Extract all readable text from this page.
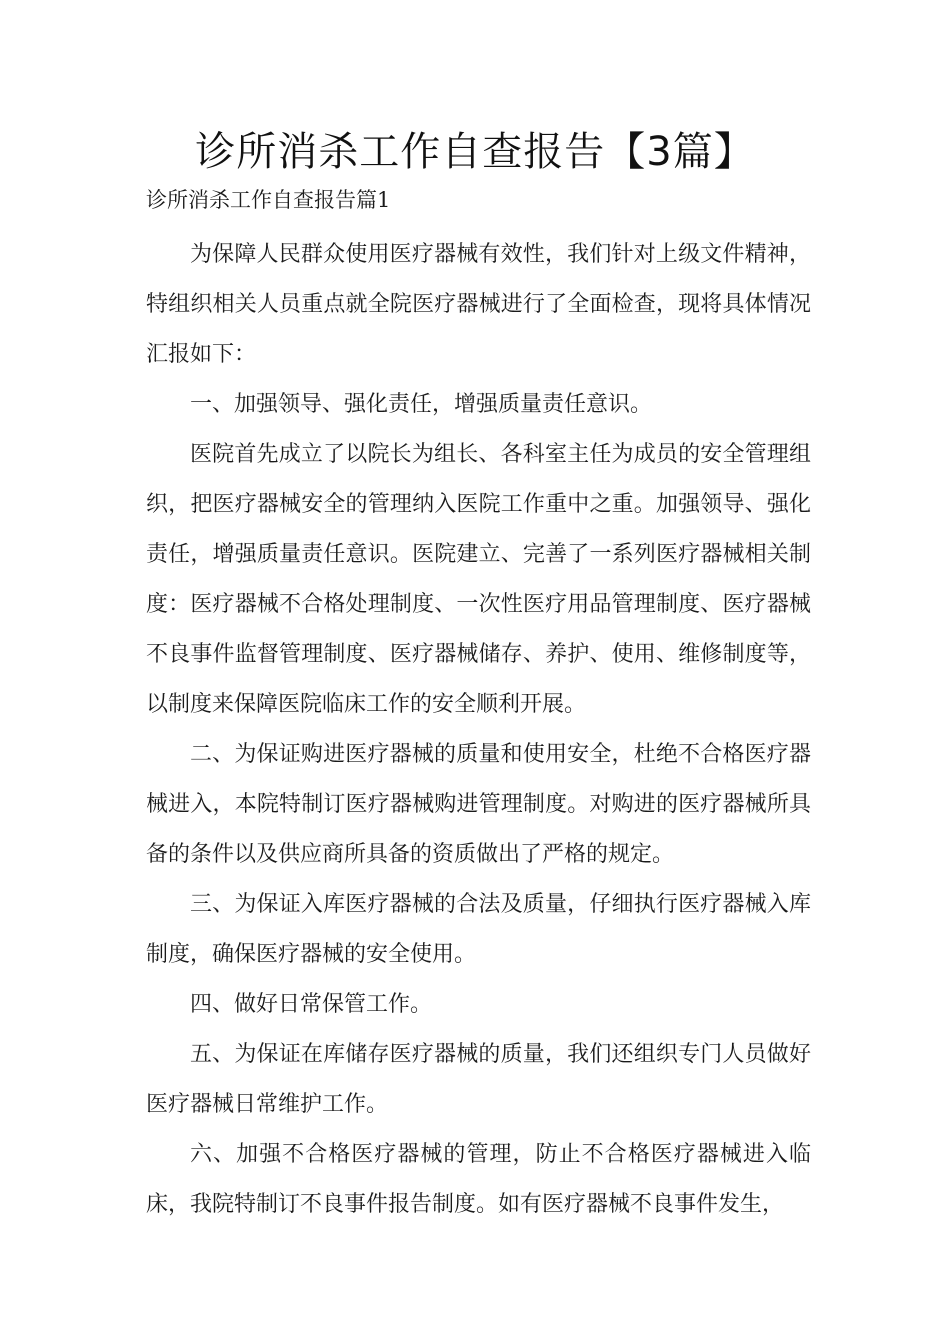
诊所消杀工作自查报告【3篇】
诊所消杀工作自查报告篇1

为保障人民群众使用医疗器械有效性，我们针对上级文件精神，特组织相关人员重点就全院医疗器械进行了全面检查，现将具体情况汇报如下：

一、加强领导、强化责任，增强质量责任意识。

医院首先成立了以院长为组长、各科室主任为成员的安全管理组织，把医疗器械安全的管理纳入医院工作重中之重。加强领导、强化责任，增强质量责任意识。医院建立、完善了一系列医疗器械相关制度：医疗器械不合格处理制度、一次性医疗用品管理制度、医疗器械不良事件监督管理制度、医疗器械储存、养护、使用、维修制度等，以制度来保障医院临床工作的安全顺利开展。

二、为保证购进医疗器械的质量和使用安全，杜绝不合格医疗器械进入，本院特制订医疗器械购进管理制度。对购进的医疗器械所具备的条件以及供应商所具备的资质做出了严格的规定。

三、为保证入库医疗器械的合法及质量，仔细执行医疗器械入库制度，确保医疗器械的安全使用。

四、做好日常保管工作。

五、为保证在库储存医疗器械的质量，我们还组织专门人员做好医疗器械日常维护工作。

六、加强不合格医疗器械的管理，防止不合格医疗器械进入临床，我院特制订不良事件报告制度。如有医疗器械不良事件发生，
